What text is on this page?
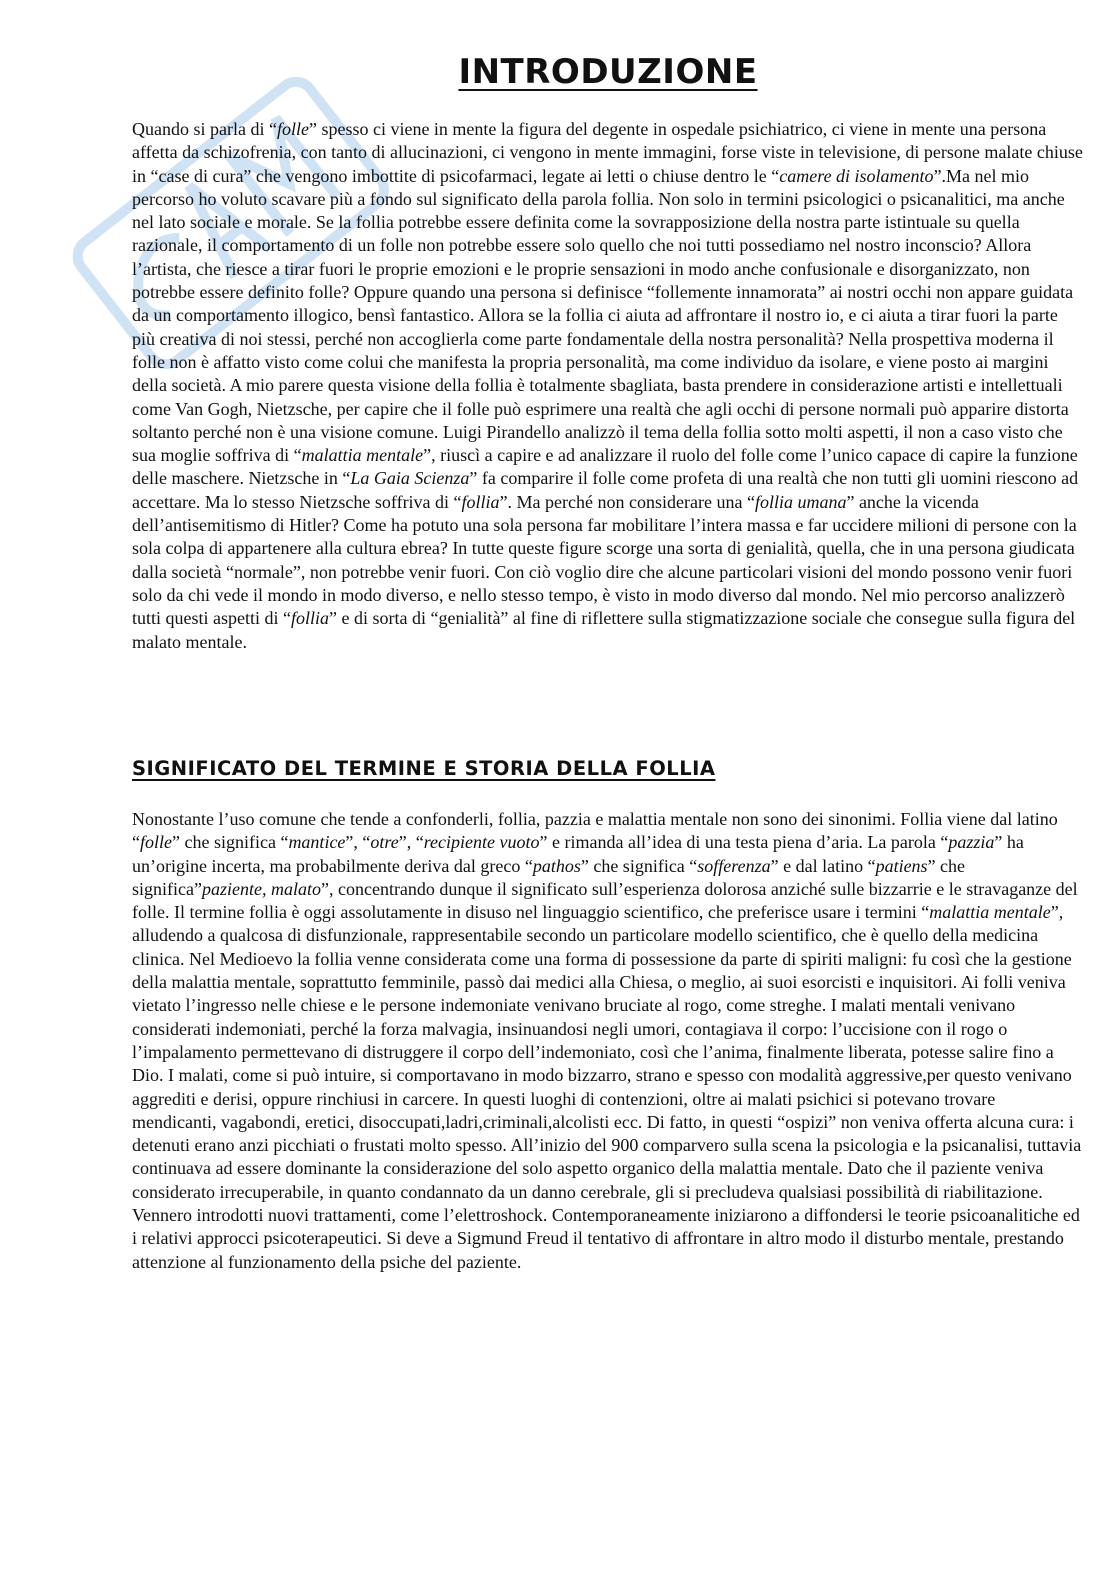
INTRODUZIONE

Quando si parla di “folle” spesso ci viene in mente la figura del degente in ospedale psichiatrico, ci viene in mente una persona affetta da schizofrenia, con tanto di allucinazioni, ci vengono in mente immagini, forse viste in televisione, di persone malate chiuse in “case di cura” che vengono imbottite di psicofarmaci, legate ai letti o chiuse dentro le “camere di isolamento”.Ma nel mio percorso ho voluto scavare più a fondo sul significato della parola follia. Non solo in termini psicologici o psicanalitici, ma anche nel lato sociale e morale. Se la follia potrebbe essere definita come la sovrapposizione della nostra parte istintuale su quella razionale, il comportamento di un folle non potrebbe essere solo quello che noi tutti possediamo nel nostro inconscio? Allora l’artista, che riesce a tirar fuori le proprie emozioni e le proprie sensazioni in modo anche confusionale e disorganizzato, non potrebbe essere definito folle? Oppure quando una persona si definisce “follemente innamorata” ai nostri occhi non appare guidata da un comportamento illogico, bensì fantastico. Allora se la follia ci aiuta ad affrontare il nostro io, e ci aiuta a tirar fuori la parte più creativa di noi stessi, perché non accoglierla come parte fondamentale della nostra personalità? Nella prospettiva moderna il folle non è affatto visto come colui che manifesta la propria personalità, ma come individuo da isolare, e viene posto ai margini della società. A mio parere questa visione della follia è totalmente sbagliata, basta prendere in considerazione artisti e intellettuali come Van Gogh, Nietzsche, per capire che il folle può esprimere una realtà che agli occhi di persone normali può apparire distorta soltanto perché non è una visione comune. Luigi Pirandello analizzò il tema della follia sotto molti aspetti, il non a caso visto che sua moglie soffriva di “malattia mentale”, riuscì a capire e ad analizzare il ruolo del folle come l’unico capace di capire la funzione delle maschere. Nietzsche in “La Gaia Scienza” fa comparire il folle come profeta di una realtà che non tutti gli uomini riescono ad accettare. Ma lo stesso Nietzsche soffriva di “follia”. Ma perché non considerare una “follia umana” anche la vicenda dell’antisemitismo di Hitler? Come ha potuto una sola persona far mobilitare l’intera massa e far uccidere milioni di persone con la sola colpa di appartenere alla cultura ebrea? In tutte queste figure scorge una sorta di genialità, quella, che in una persona giudicata dalla società “normale”, non potrebbe venir fuori. Con ciò voglio dire che alcune particolari visioni del mondo possono venir fuori solo da chi vede il mondo in modo diverso, e nello stesso tempo, è visto in modo diverso dal mondo. Nel mio percorso analizzerò tutti questi aspetti di “follia” e di sorta di “genialità” al fine di riflettere sulla stigmatizzazione sociale che consegue sulla figura del malato mentale.

SIGNIFICATO DEL TERMINE E STORIA DELLA FOLLIA

Nonostante l’uso comune che tende a confonderli, follia, pazzia e malattia mentale non sono dei sinonimi. Follia viene dal latino “folle” che significa “mantice”, “otre”, “recipiente vuoto” e rimanda all’idea di una testa piena d’aria. La parola “pazzia” ha un’origine incerta, ma probabilmente deriva dal greco “pathos” che significa “sofferenza” e dal latino “patiens” che significa”paziente, malato”, concentrando dunque il significato sull’esperienza dolorosa anziché sulle bizzarrie e le stravaganze del folle. Il termine follia è oggi assolutamente in disuso nel linguaggio scientifico, che preferisce usare i termini “malattia mentale”, alludendo a qualcosa di disfunzionale, rappresentabile secondo un particolare modello scientifico, che è quello della medicina clinica. Nel Medioevo la follia venne considerata come una forma di possessione da parte di spiriti maligni: fu così che la gestione della malattia mentale, soprattutto femminile, passò dai medici alla Chiesa, o meglio, ai suoi esorcisti e inquisitori. Ai folli veniva vietato l’ingresso nelle chiese e le persone indemoniate venivano bruciate al rogo, come streghe. I malati mentali venivano considerati indemoniati, perché la forza malvagia, insinuandosi negli umori, contagiava il corpo: l’uccisione con il rogo o l’impalamento permettevano di distruggere il corpo dell’indemoniato, così che l’anima, finalmente liberata, potesse salire fino a Dio. I malati, come si può intuire, si comportavano in modo bizzarro, strano e spesso con modalità aggressive,per questo venivano aggrediti e derisi, oppure rinchiusi in carcere. In questi luoghi di contenzioni, oltre ai malati psichici si potevano trovare mendicanti, vagabondi, eretici, disoccupati,ladri,criminali,alcolisti ecc. Di fatto, in questi “ospizi” non veniva offerta alcuna cura: i detenuti erano anzi picchiati o frustati molto spesso. All’inizio del 900 comparvero sulla scena la psicologia e la psicanalisi, tuttavia continuava ad essere dominante la considerazione del solo aspetto organico della malattia mentale. Dato che il paziente veniva considerato irrecuperabile, in quanto condannato da un danno cerebrale, gli si precludeva qualsiasi possibilità di riabilitazione. Vennero introdotti nuovi trattamenti, come l’elettroshock. Contemporaneamente iniziarono a diffondersi le teorie psicoanalitiche ed i relativi approcci psicoterapeutici. Si deve a Sigmund Freud il tentativo di affrontare in altro modo il disturbo mentale, prestando attenzione al funzionamento della psiche del paziente.
